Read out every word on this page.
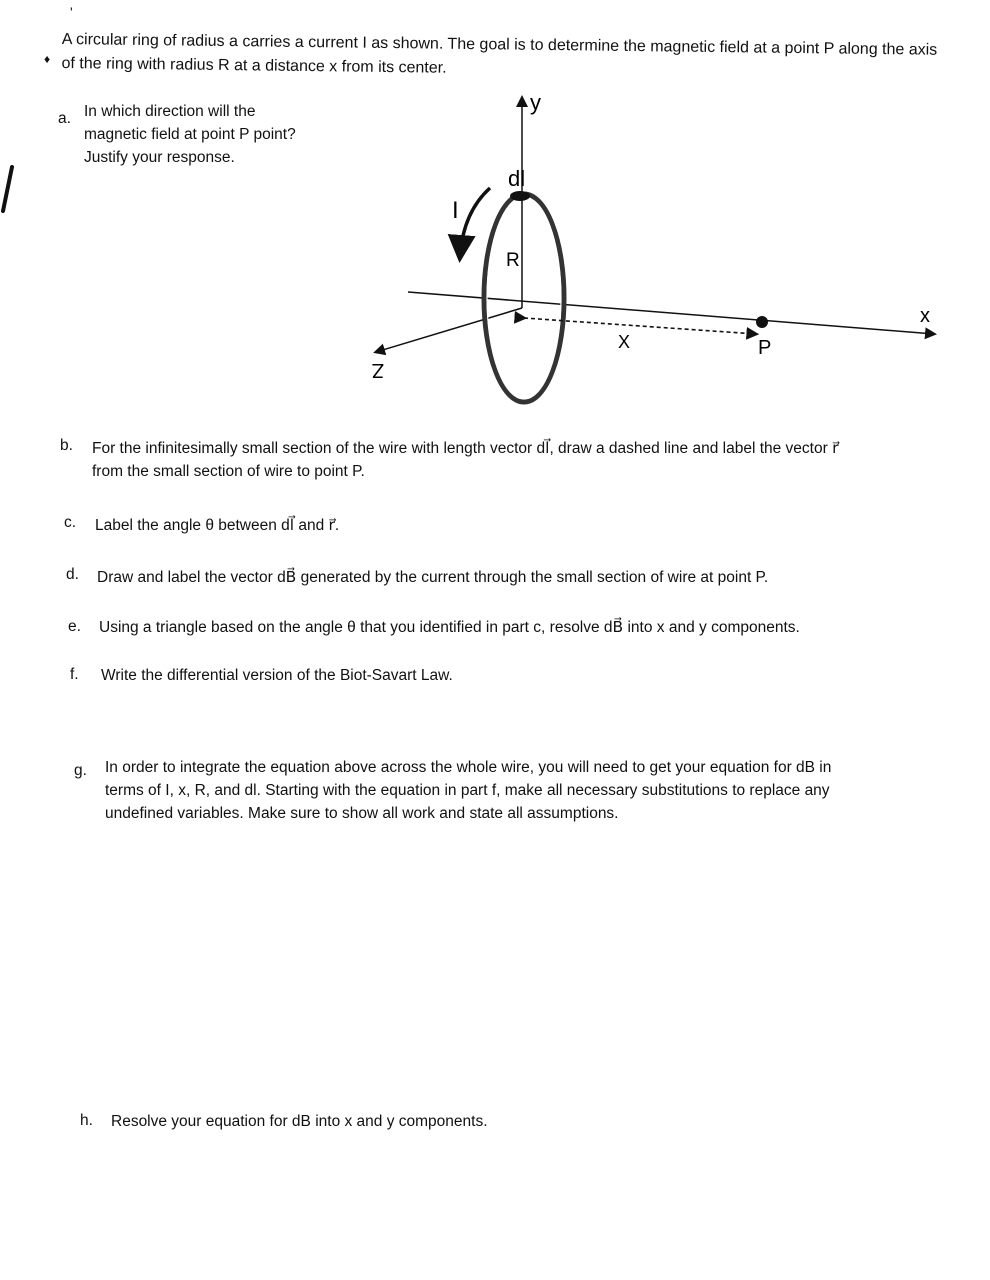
'
♦
A circular ring of radius a carries a current I as shown. The goal is to determine the magnetic field at a point P along the axis of the ring with radius R at a distance x from its center.
a. In which direction will the
magnetic field at point P point?
Justify your response.
y
x
Z
dl
R
I
X	P
b. For the infinitesimally small section of the wire with length vector dl⃗, draw a dashed line and label the vector r⃗
from the small section of wire to point P.
c. Label the angle θ between dl⃗ and r⃗.
d. Draw and label the vector dB⃗ generated by the current through the small section of wire at point P.
e. Using a triangle based on the angle θ that you identified in part c, resolve dB⃗ into x and y components.
f. Write the differential version of the Biot-Savart Law.
g. In order to integrate the equation above across the whole wire, you will need to get your equation for dB in
terms of I, x, R, and dl. Starting with the equation in part f, make all necessary substitutions to replace any
undefined variables. Make sure to show all work and state all assumptions.
h. Resolve your equation for dB into x and y components.
